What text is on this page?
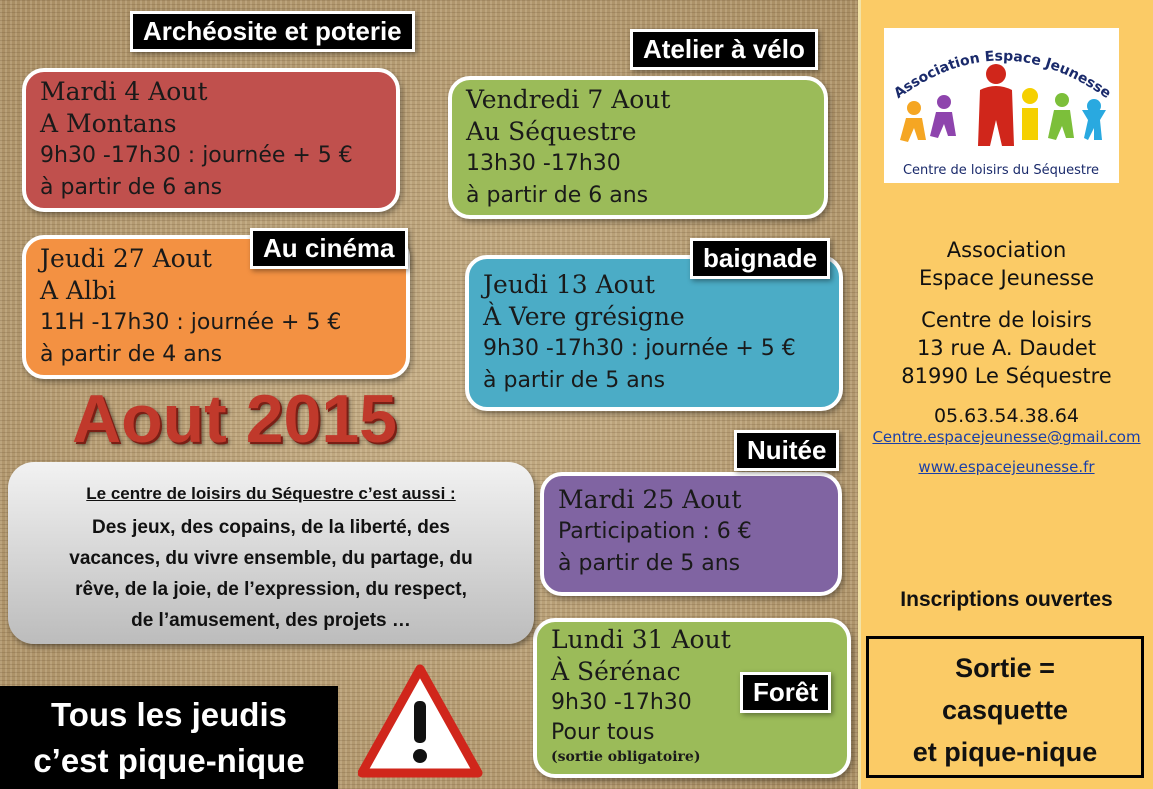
Mardi 4 Aout
A Montans
9h30 -17h30 : journée + 5 €
à partir de 6 ans
Archéosite et poterie
Jeudi 27 Aout
A Albi
11H -17h30 : journée + 5 €
à partir de 4 ans
Au cinéma
Vendredi 7 Aout
Au Séquestre
13h30 -17h30
à partir de 6 ans
Atelier à vélo
Jeudi 13 Aout
À Vere grésigne
9h30 -17h30 : journée + 5 €
à partir de 5 ans
baignade
Mardi 25 Aout
Participation : 6 €
à partir de 5 ans
Nuitée
Lundi 31 Aout
À Sérénac
9h30 -17h30
Pour tous
(sortie obligatoire)
Forêt
Aout 2015
Le centre de loisirs du Séquestre c’est aussi :
Des jeux, des copains, de la liberté, des
vacances, du vivre ensemble, du partage, du
rêve, de la joie, de l’expression, du respect,
de l’amusement, des projets …
Tous les jeudis
c’est pique-nique
Association Espace Jeunesse
Centre de loisirs du Séquestre
Association
Espace Jeunesse
Centre de loisirs
13 rue A. Daudet
81990 Le Séquestre
05.63.54.38.64
Centre.espacejeunesse@gmail.com
www.espacejeunesse.fr
Inscriptions ouvertes
Sortie =
casquette
et pique-nique
